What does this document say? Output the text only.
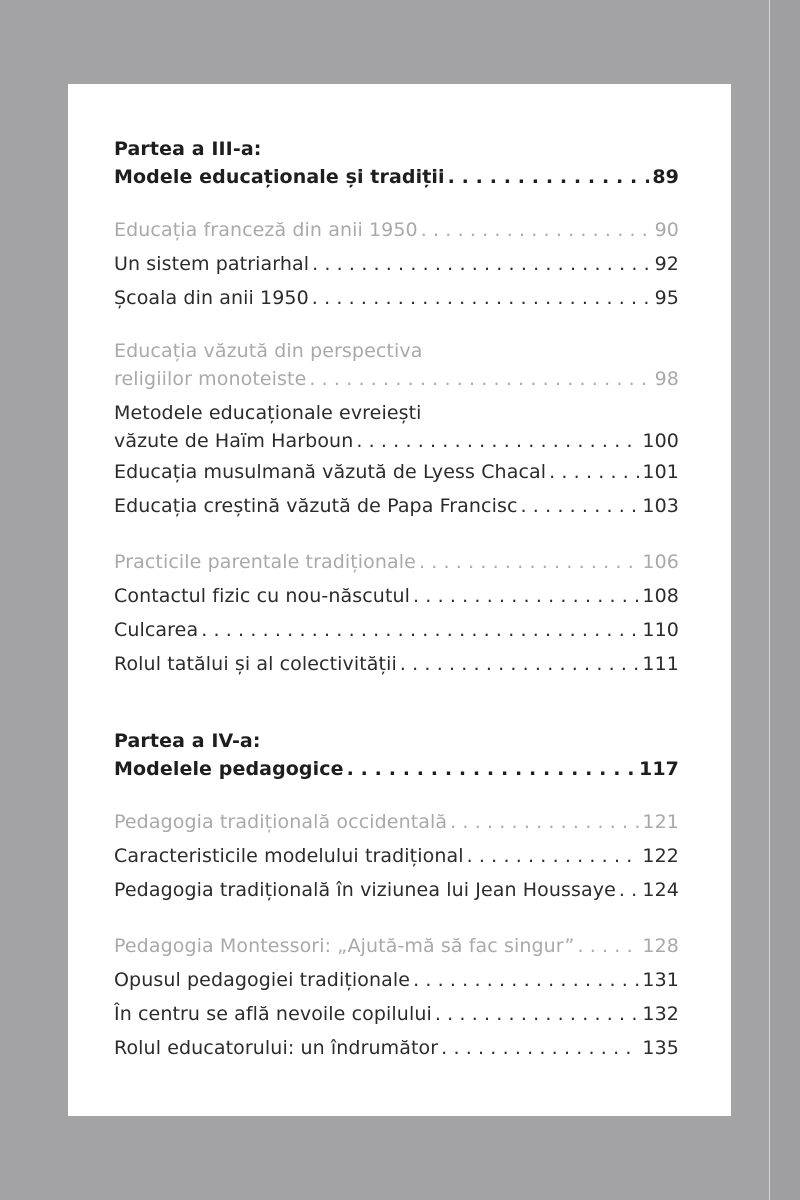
Partea a III-a:
Modele educaționale și tradiții . . .	89
Educația franceză din anii 1950 . . .	90
Un sistem patriarhal . . .	92
Școala din anii 1950 . . .	95
Educația văzută din perspectiva
religiilor monoteiste . . .	98
Metodele educaționale evreiești
văzute de Haïm Harboun . . .	100
Educația musulmană văzută de Lyess Chacal . . .	101
Educația creștină văzută de Papa Francisc . . .	103
Practicile parentale tradiționale . . .	106
Contactul fizic cu nou-născutul . . .	108
Culcarea . . .	110
Rolul tatălui și al colectivității . . .	111
Partea a IV-a:
Modelele pedagogice . . .	117
Pedagogia tradițională occidentală . . .	121
Caracteristicile modelului tradițional . . .	122
Pedagogia tradițională în viziunea lui Jean Houssaye . . . 124
Pedagogia Montessori: „Ajută-mă să fac singur” . . .	128
Opusul pedagogiei tradiționale . . .	131
În centru se află nevoile copilului . . .	132
Rolul educatorului: un îndrumător . . .	135
